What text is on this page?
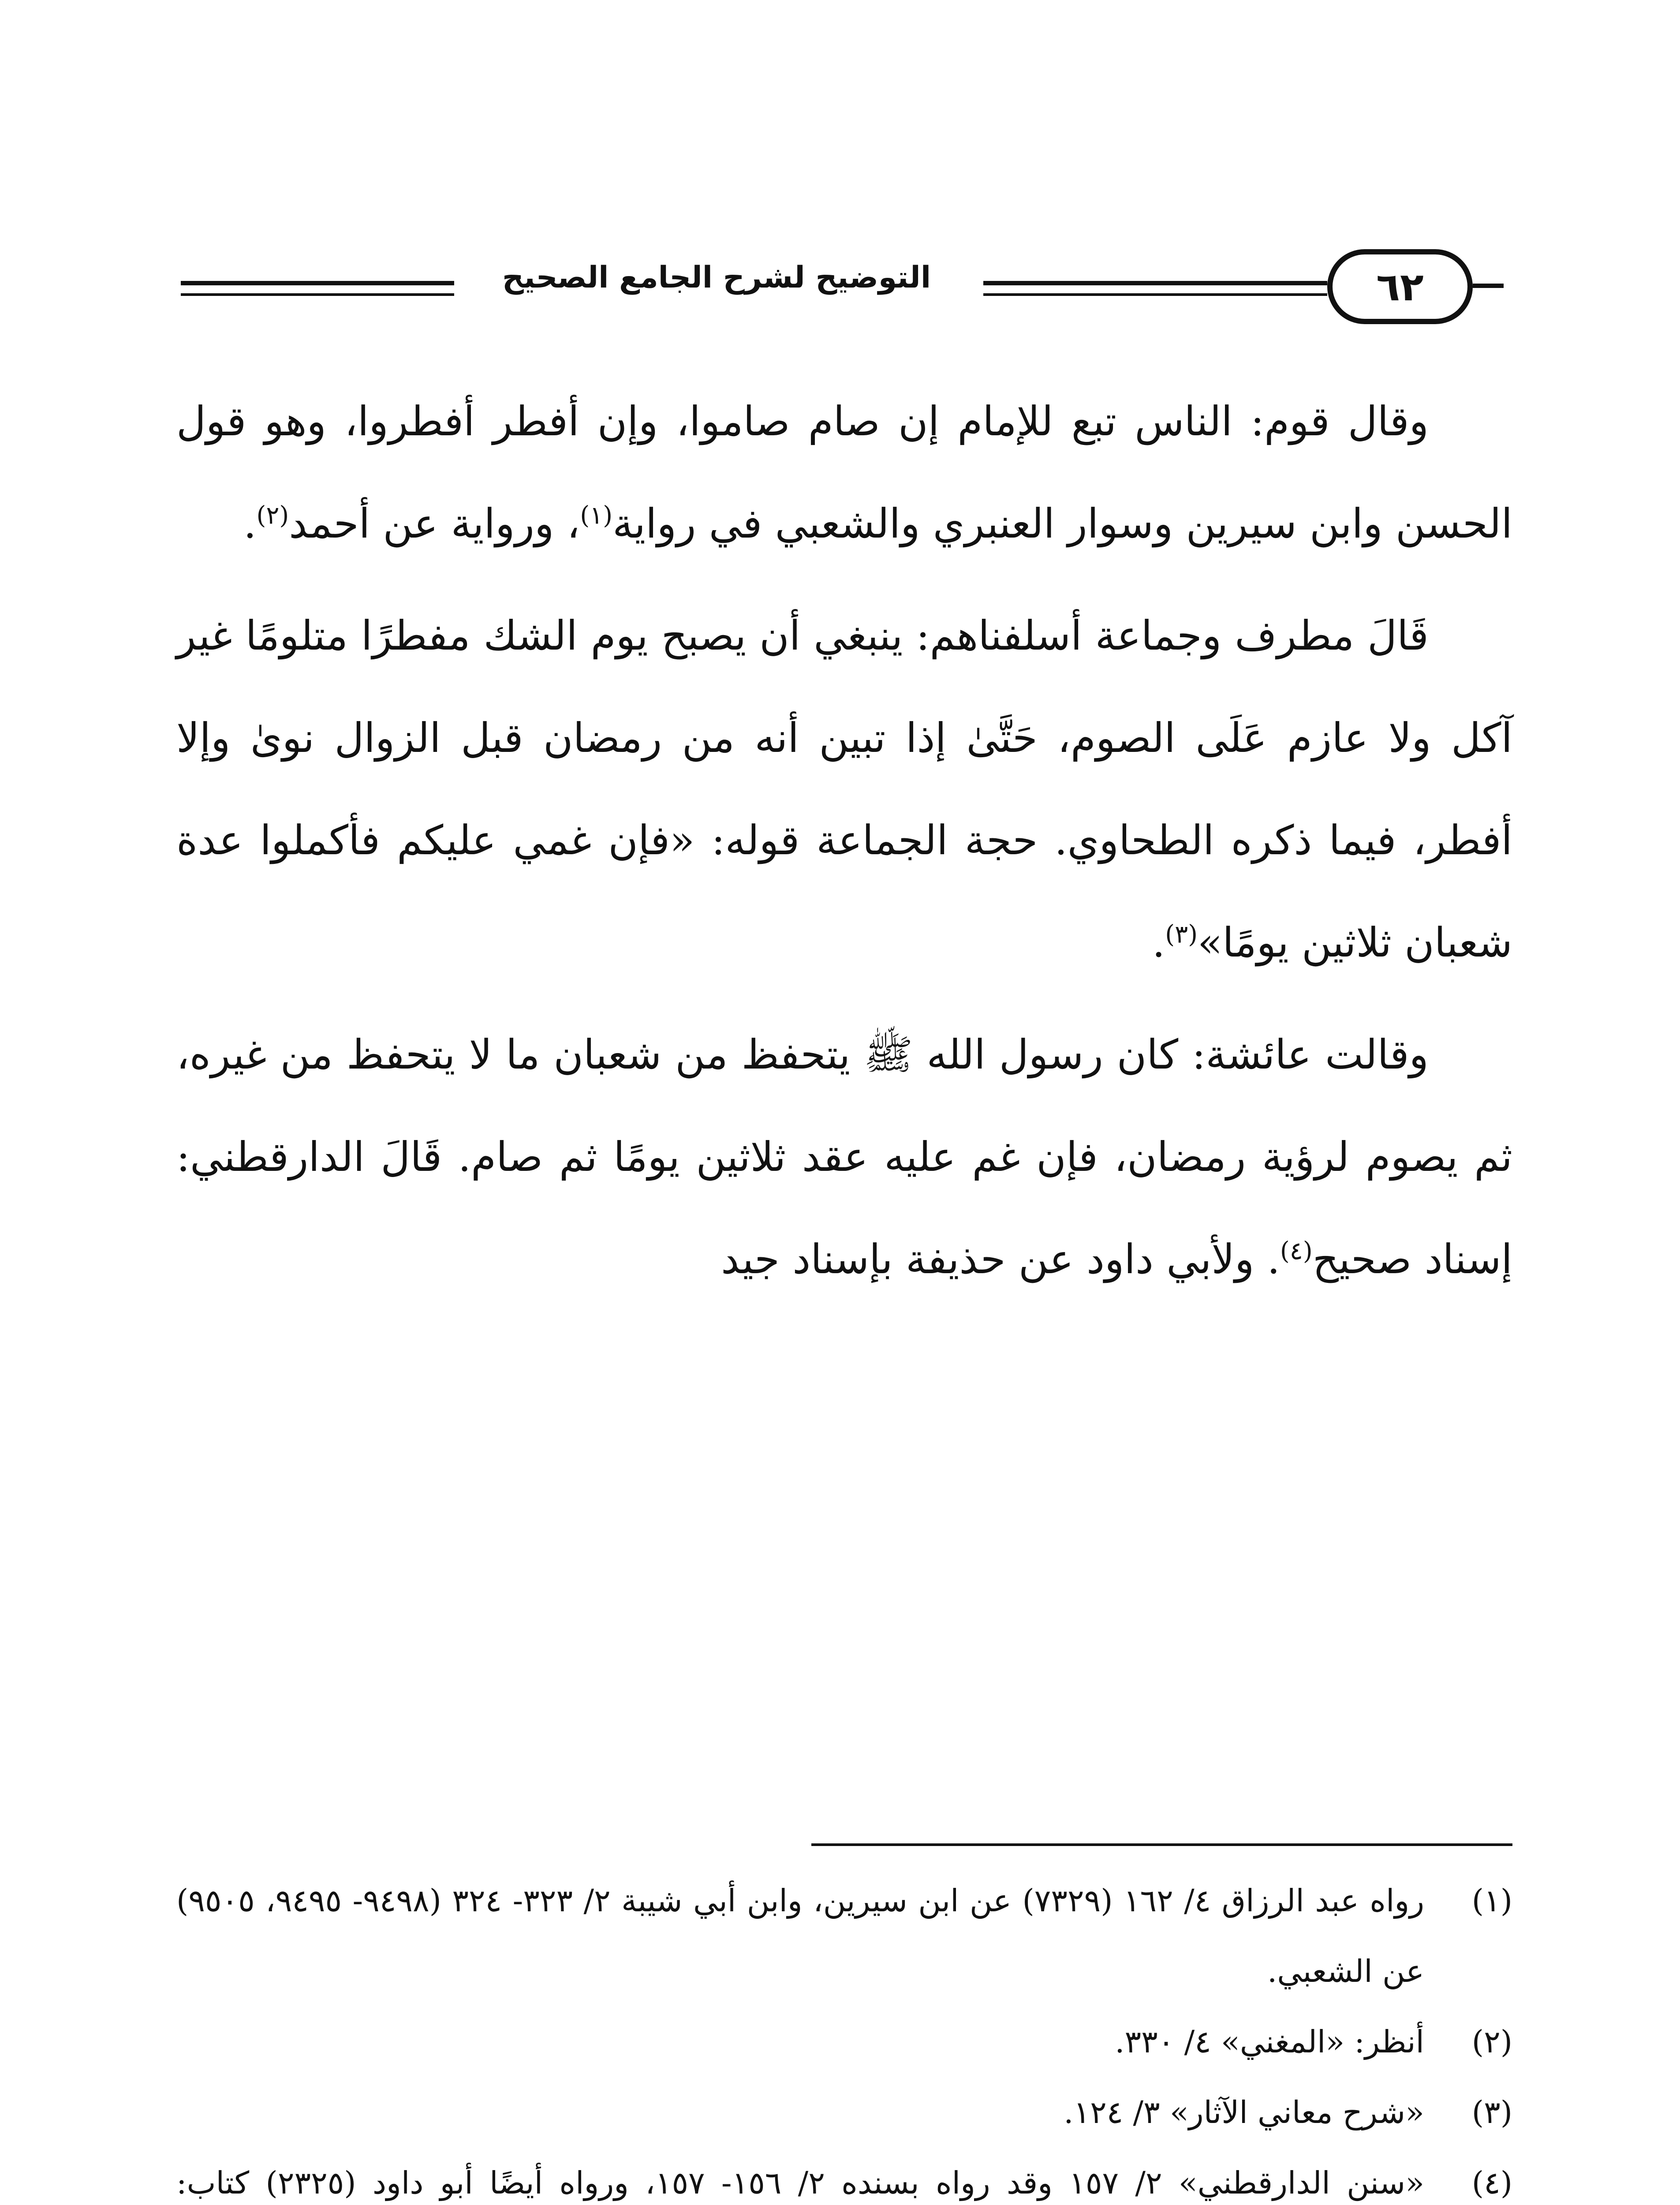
التوضيح لشرح الجامع الصحيح	٦٢

وقال قوم: الناس تبع للإمام إن صام صاموا، وإن أفطر أفطروا، وهو قول الحسن وابن سيرين وسوار العنبري والشعبي في رواية$^{(١)}$، ورواية عن أحمد$^{(٢)}$.

قَالَ مطرف وجماعة أسلفناهم: ينبغي أن يصبح يوم الشك مفطرًا متلومًا غير آكل ولا عازم عَلَى الصوم، حَتَّىٰ إذا تبين أنه من رمضان قبل الزوال نوىٰ وإلا أفطر، فيما ذكره الطحاوي. حجة الجماعة قوله: «فإن غمي عليكم فأكملوا عدة شعبان ثلاثين يومًا»$^{(٣)}$.

وقالت عائشة: كان رسول الله ﷺ يتحفظ من شعبان ما لا يتحفظ من غيره، ثم يصوم لرؤية رمضان، فإن غم عليه عقد ثلاثين يومًا ثم صام. قَالَ الدارقطني: إسناد صحيح$^{(٤)}$. ولأبي داود عن حذيفة بإسناد جيد

(١)
رواه عبد الرزاق ٤/ ١٦٢ (٧٣٢٩) عن ابن سيرين، وابن أبي شيبة ٢/ ٣٢٣- ٣٢٤ (٩٤٩٨- ٩٤٩٥، ٩٥٠٥) عن الشعبي.
(٢)
أنظر: «المغني» ٤/ ٣٣٠.
(٣)
«شرح معاني الآثار» ٣/ ١٢٤.
(٤)
«سنن الدارقطني» ٢/ ١٥٧ وقد رواه بسنده ٢/ ١٥٦- ١٥٧، ورواه أيضًا أبو داود (٢٣٢٥) كتاب:
